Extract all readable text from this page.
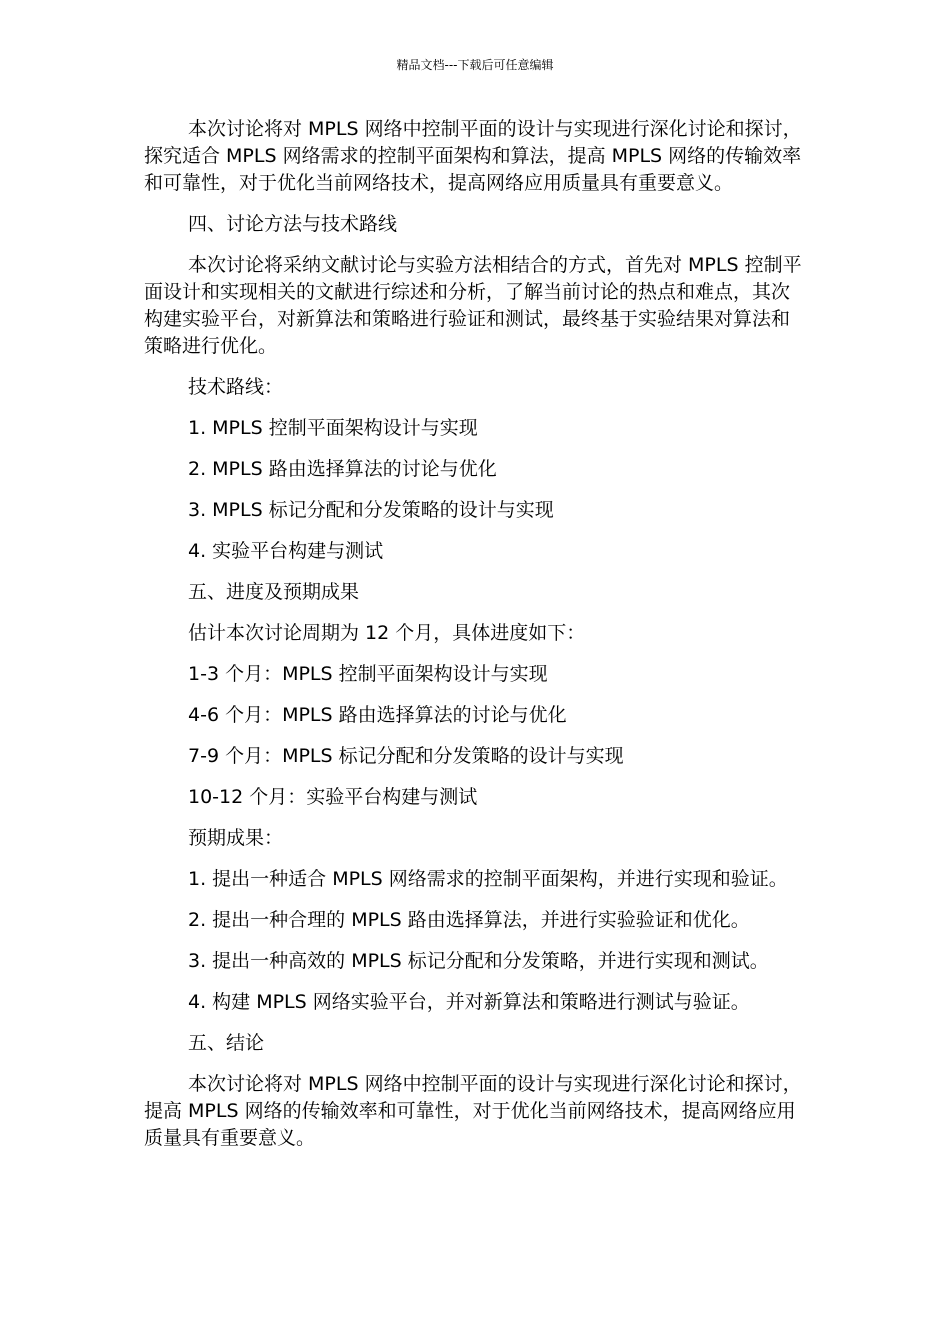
精品文档---下载后可任意编辑

本次讨论将对 MPLS 网络中控制平面的设计与实现进行深化讨论和探讨，探究适合 MPLS 网络需求的控制平面架构和算法，提高 MPLS 网络的传输效率和可靠性，对于优化当前网络技术，提高网络应用质量具有重要意义。

四、讨论方法与技术路线

本次讨论将采纳文献讨论与实验方法相结合的方式，首先对 MPLS 控制平面设计和实现相关的文献进行综述和分析，了解当前讨论的热点和难点，其次构建实验平台，对新算法和策略进行验证和测试，最终基于实验结果对算法和策略进行优化。

技术路线：

1. MPLS 控制平面架构设计与实现

2. MPLS 路由选择算法的讨论与优化

3. MPLS 标记分配和分发策略的设计与实现

4. 实验平台构建与测试

五、进度及预期成果

估计本次讨论周期为 12 个月，具体进度如下：

1-3 个月：MPLS 控制平面架构设计与实现

4-6 个月：MPLS 路由选择算法的讨论与优化

7-9 个月：MPLS 标记分配和分发策略的设计与实现

10-12 个月：实验平台构建与测试

预期成果：

1. 提出一种适合 MPLS 网络需求的控制平面架构，并进行实现和验证。

2. 提出一种合理的 MPLS 路由选择算法，并进行实验验证和优化。

3. 提出一种高效的 MPLS 标记分配和分发策略，并进行实现和测试。

4. 构建 MPLS 网络实验平台，并对新算法和策略进行测试与验证。

五、结论

本次讨论将对 MPLS 网络中控制平面的设计与实现进行深化讨论和探讨，提高 MPLS 网络的传输效率和可靠性，对于优化当前网络技术，提高网络应用质量具有重要意义。
